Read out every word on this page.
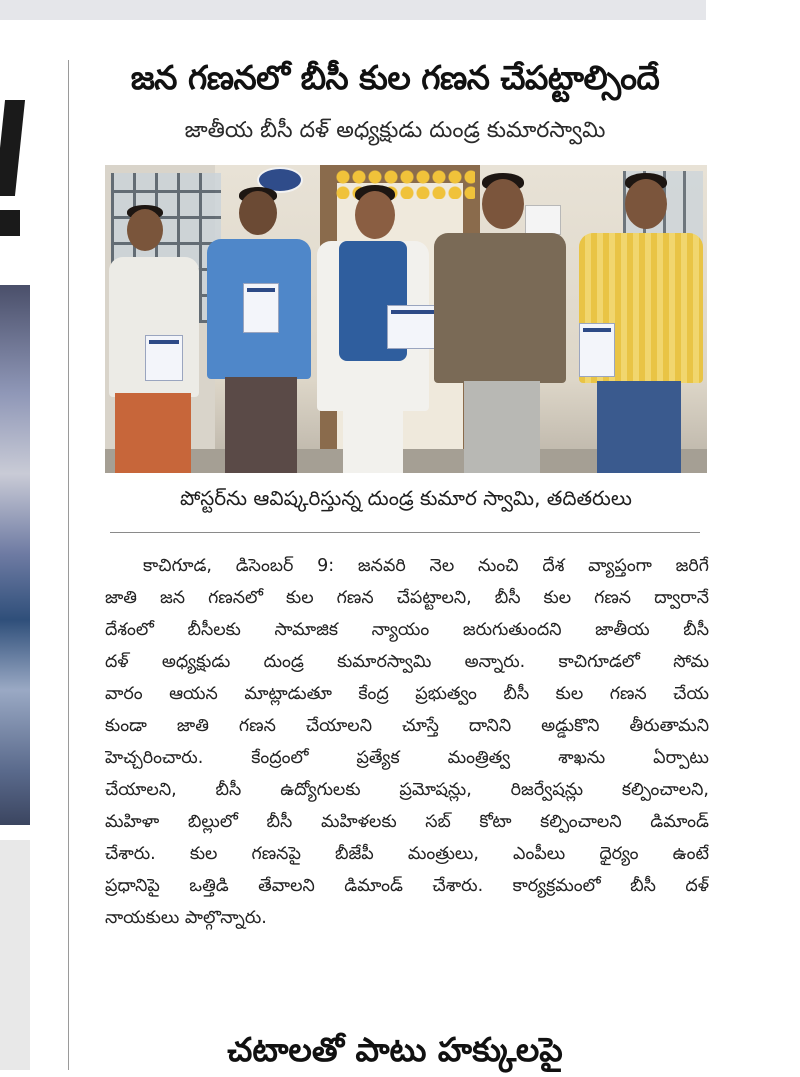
జన గణనలో బీసీ కుల గణన చేపట్టాల్సిందే
జాతీయ బీసీ దళ్ అధ్యక్షుడు దుండ్ర కుమారస్వామి
పోస్టర్‌ను ఆవిష్కరిస్తున్న దుండ్ర కుమార స్వామి, తదితరులు
కాచిగూడ, డిసెంబర్ 9: జనవరి నెల నుంచి దేశ వ్యాప్తంగా జరిగే
జాతి జన గణనలో కుల గణన చేపట్టాలని, బీసీ కుల గణన ద్వారానే
దేశంలో బీసీలకు సామాజిక న్యాయం జరుగుతుందని జాతీయ బీసీ
దళ్ అధ్యక్షుడు దుండ్ర కుమారస్వామి అన్నారు. కాచిగూడలో సోమ
వారం ఆయన మాట్లాడుతూ కేంద్ర ప్రభుత్వం బీసీ కుల గణన చేయ
కుండా జాతి గణన చేయాలని చూస్తే దానిని అడ్డుకొని తీరుతామని
హెచ్చరించారు. కేంద్రంలో ప్రత్యేక మంత్రిత్వ శాఖను ఏర్పాటు
చేయాలని, బీసీ ఉద్యోగులకు ప్రమోషన్లు, రిజర్వేషన్లు కల్పించాలని,
మహిళా బిల్లులో బీసీ మహిళలకు సబ్ కోటా కల్పించాలని డిమాండ్
చేశారు. కుల గణనపై బీజేపీ మంత్రులు, ఎంపీలు ధైర్యం ఉంటే
ప్రధానిపై ఒత్తిడి తేవాలని డిమాండ్ చేశారు. కార్యక్రమంలో బీసీ దళ్
నాయకులు పాల్గొన్నారు.
చటాలతో పాటు హక్కులపై
